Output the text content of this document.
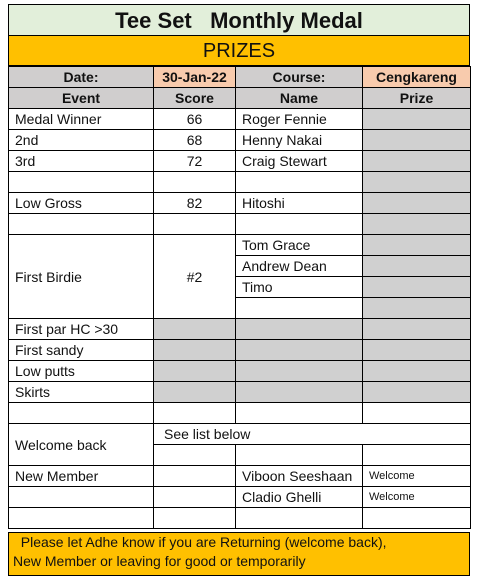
Tee Set   Monthly Medal
PRIZES
Date:	30-Jan-22	Course:	Cengkareng
Event	Score	Name	Prize
Medal Winner	66	Roger Fennie	
2nd	68	Henny Nakai	
3rd	72	Craig Stewart	

Low Gross	82	Hitoshi	

First Birdie	#2	Tom Grace	
		Andrew Dean	
		Timo	

First par HC >30			
First sandy			
Low putts			
Skirts			

Welcome back	See list below		

New Member		Viboon Seeshaan	Welcome
		Cladio Ghelli	Welcome

Please let Adhe know if you are Returning (welcome back),
New Member or leaving for good or temporarily
